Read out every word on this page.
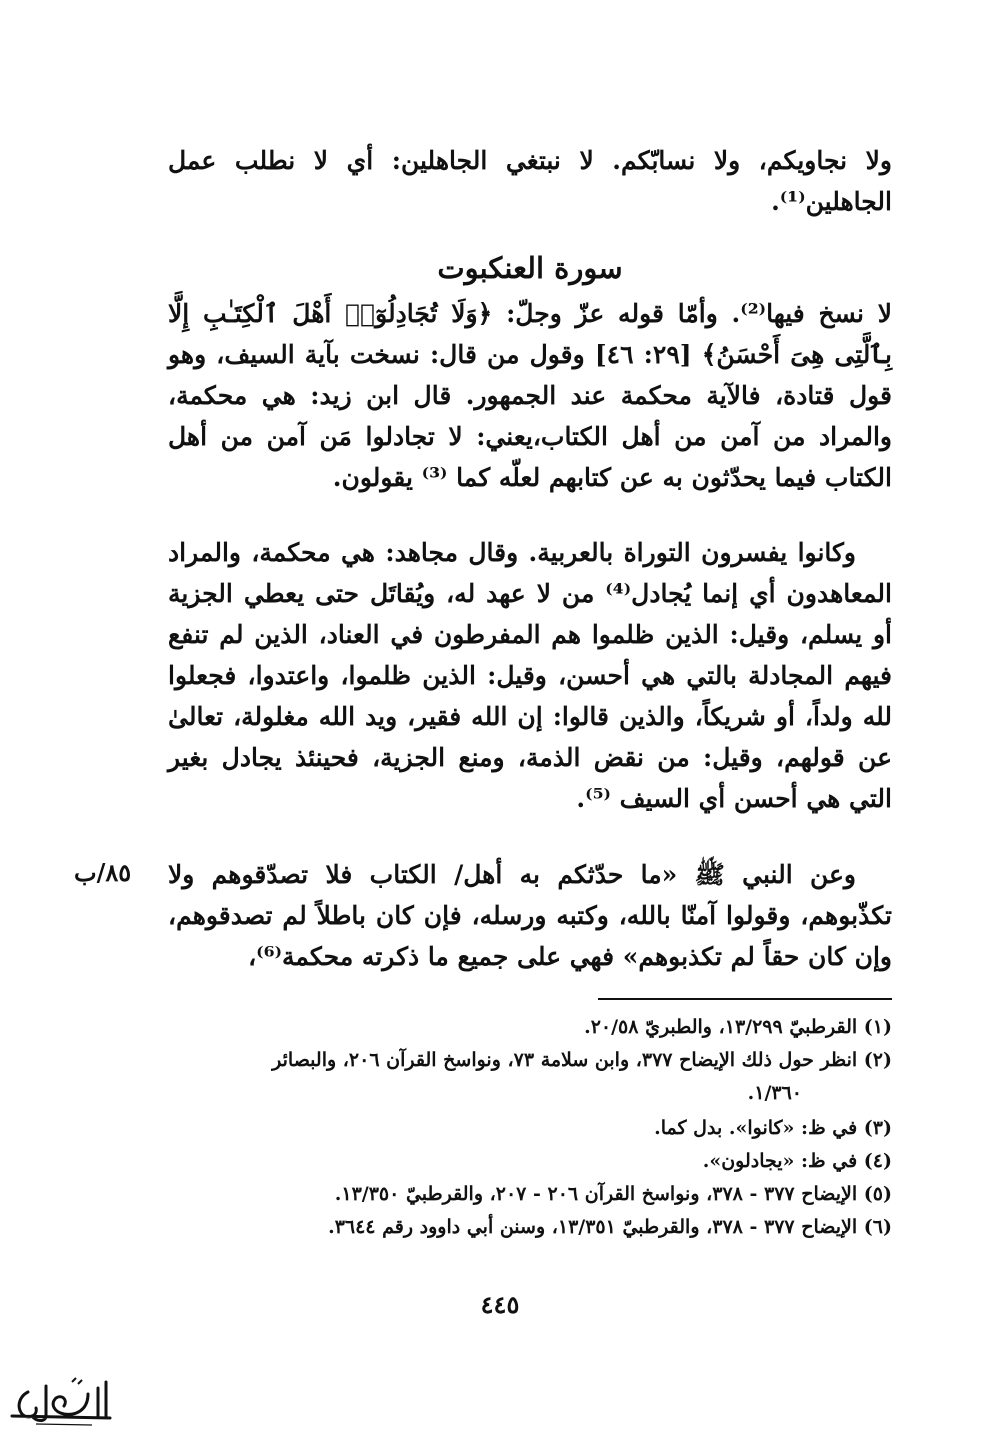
ولا نجاويكم، ولا نسابّكم. لا نبتغي الجاهلين: أي لا نطلب عمل الجاهلين⁽¹⁾.
سورة العنكبوت
لا نسخ فيها⁽²⁾. وأمّا قوله عزّ وجلّ: ﴿وَلَا تُجَادِلُوٓا۟ أَهْلَ ٱلْكِتَـٰبِ إِلَّا بِٱلَّتِى هِىَ أَحْسَنُ﴾ [٢٩: ٤٦] وقول من قال: نسخت بآية السيف، وهو قول قتادة، فالآية محكمة عند الجمهور. قال ابن زيد: هي محكمة، والمراد من آمن من أهل الكتاب،يعني: لا تجادلوا مَن آمن من أهل الكتاب فيما يحدّثون به عن كتابهم لعلّه كما ⁽³⁾ يقولون.
وكانوا يفسرون التوراة بالعربية. وقال مجاهد: هي محكمة، والمراد المعاهدون أي إنما يُجادل⁽⁴⁾ من لا عهد له، ويُقاتَل حتى يعطي الجزية أو يسلم، وقيل: الذين ظلموا هم المفرطون في العناد، الذين لم تنفع فيهم المجادلة بالتي هي أحسن، وقيل: الذين ظلموا، واعتدوا، فجعلوا لله ولداً، أو شريكاً، والذين قالوا: إن الله فقير، ويد الله مغلولة، تعالىٰ عن قولهم، وقيل: من نقض الذمة، ومنع الجزية، فحينئذ يجادل بغير التي هي أحسن أي السيف ⁽⁵⁾.
وعن النبي ﷺ «ما حدّثكم به أهل/ الكتاب فلا تصدّقوهم ولا تكذّبوهم، وقولوا آمنّا بالله، وكتبه ورسله، فإن كان باطلاً لم تصدقوهم، وإن كان حقاً لم تكذبوهم» فهي على جميع ما ذكرته محكمة⁽⁶⁾،
٨٥/ب

(١) القرطبيّ ١٣/٢٩٩، والطبريّ ٢٠/٥٨.

(٢) انظر حول ذلك الإيضاح ٣٧٧، وابن سلامة ٧٣، ونواسخ القرآن ٢٠٦، والبصائر

١/٣٦٠.

(٣) في ظ: «كانوا». بدل كما.

(٤) في ظ: «يجادلون».

(٥) الإيضاح ٣٧٧ - ٣٧٨، ونواسخ القرآن ٢٠٦ - ٢٠٧، والقرطبيّ ١٣/٣٥٠.

(٦) الإيضاح ٣٧٧ - ٣٧٨، والقرطبيّ ١٣/٣٥١، وسنن أبي داوود رقم ٣٦٤٤.

٤٤٥
